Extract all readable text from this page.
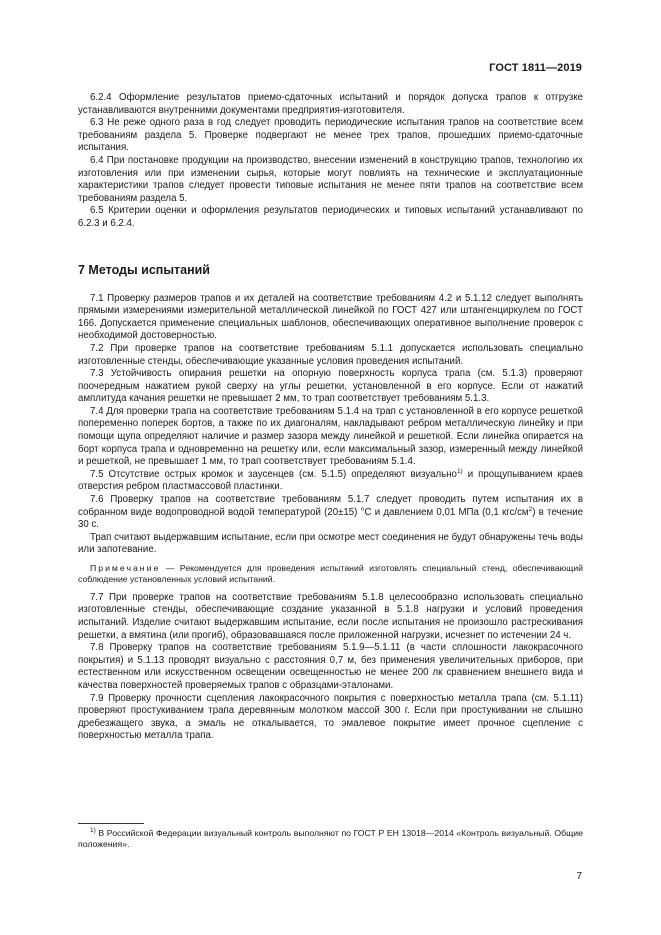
ГОСТ 1811—2019

6.2.4 Оформление результатов приемо-сдаточных испытаний и порядок допуска трапов к отгрузке устанавливаются внутренними документами предприятия-изготовителя.

6.3 Не реже одного раза в год следует проводить периодические испытания трапов на соответствие всем требованиям раздела 5. Проверке подвергают не менее трех трапов, прошедших приемо-сдаточные испытания.

6.4 При постановке продукции на производство, внесении изменений в конструкцию трапов, технологию их изготовления или при изменении сырья, которые могут повлиять на технические и эксплуатационные характеристики трапов следует провести типовые испытания не менее пяти трапов на соответствие всем требованиям раздела 5.

6.5 Критерии оценки и оформления результатов периодических и типовых испытаний устанавливают по 6.2.3 и 6.2.4.

7 Методы испытаний

7.1 Проверку размеров трапов и их деталей на соответствие требованиям 4.2 и 5.1.12 следует выполнять прямыми измерениями измерительной металлической линейкой по ГОСТ 427 или штангенциркулем по ГОСТ 166. Допускается применение специальных шаблонов, обеспечивающих оперативное выполнение проверок с необходимой достоверностью.

7.2 При проверке трапов на соответствие требованиям 5.1.1 допускается использовать специально изготовленные стенды, обеспечивающие указанные условия проведения испытаний.

7.3 Устойчивость опирания решетки на опорную поверхность корпуса трапа (см. 5.1.3) проверяют поочередным нажатием рукой сверху на углы решетки, установленной в его корпусе. Если от нажатий амплитуда качания решетки не превышает 2 мм, то трап соответствует требованиям 5.1.3.

7.4 Для проверки трапа на соответствие требованиям 5.1.4 на трап с установленной в его корпусе решеткой попеременно поперек бортов, а также по их диагоналям, накладывают ребром металлическую линейку и при помощи щупа определяют наличие и размер зазора между линейкой и решеткой. Если линейка опирается на борт корпуса трапа и одновременно на решетку или, если максимальный зазор, измеренный между линейкой и решеткой, не превышает 1 мм, то трап соответствует требованиям 5.1.4.

7.5 Отсутствие острых кромок и заусенцев (см. 5.1.5) определяют визуально$^{1)}$ и прощупыванием краев отверстия ребром пластмассовой пластинки.

7.6 Проверку трапов на соответствие требованиям 5.1.7 следует проводить путем испытания их в собранном виде водопроводной водой температурой (20±15) °С и давлением 0,01 МПа (0,1 кгс/$см^2$) в течение 30 с.

Трап считают выдержавшим испытание, если при осмотре мест соединения не будут обнаружены течь воды или запотевание.

Примечание — Рекомендуется для проведения испытаний изготовлять специальный стенд, обеспечивающий соблюдение установленных условий испытаний.

7.7 При проверке трапов на соответствие требованиям 5.1.8 целесообразно использовать специально изготовленные стенды, обеспечивающие создание указанной в 5.1.8 нагрузки и условий проведения испытаний. Изделие считают выдержавшим испытание, если после испытания не произошло растрескивания решетки, а вмятина (или прогиб), образовавшаяся после приложенной нагрузки, исчезнет по истечении 24 ч.

7.8 Проверку трапов на соответствие требованиям 5.1.9—5.1.11 (в части сплошности лакокрасочного покрытия) и 5.1.13 проводят визуально с расстояния 0,7 м, без применения увеличительных приборов, при естественном или искусственном освещении освещенностью не менее 200 лк сравнением внешнего вида и качества поверхностей проверяемых трапов с образцами-эталонами.

7.9 Проверку прочности сцепления лакокрасочного покрытия с поверхностью металла трапа (см. 5.1.11) проверяют простукиванием трапа деревянным молотком массой 300 г. Если при простукивании не слышно дребезжащего звука, а эмаль не откалывается, то эмалевое покрытие имеет прочное сцепление с поверхностью металла трапа.

$^{1)}$ В Российской Федерации визуальный контроль выполняют по ГОСТ Р ЕН 13018—2014 «Контроль визуальный. Общие положения».
7
